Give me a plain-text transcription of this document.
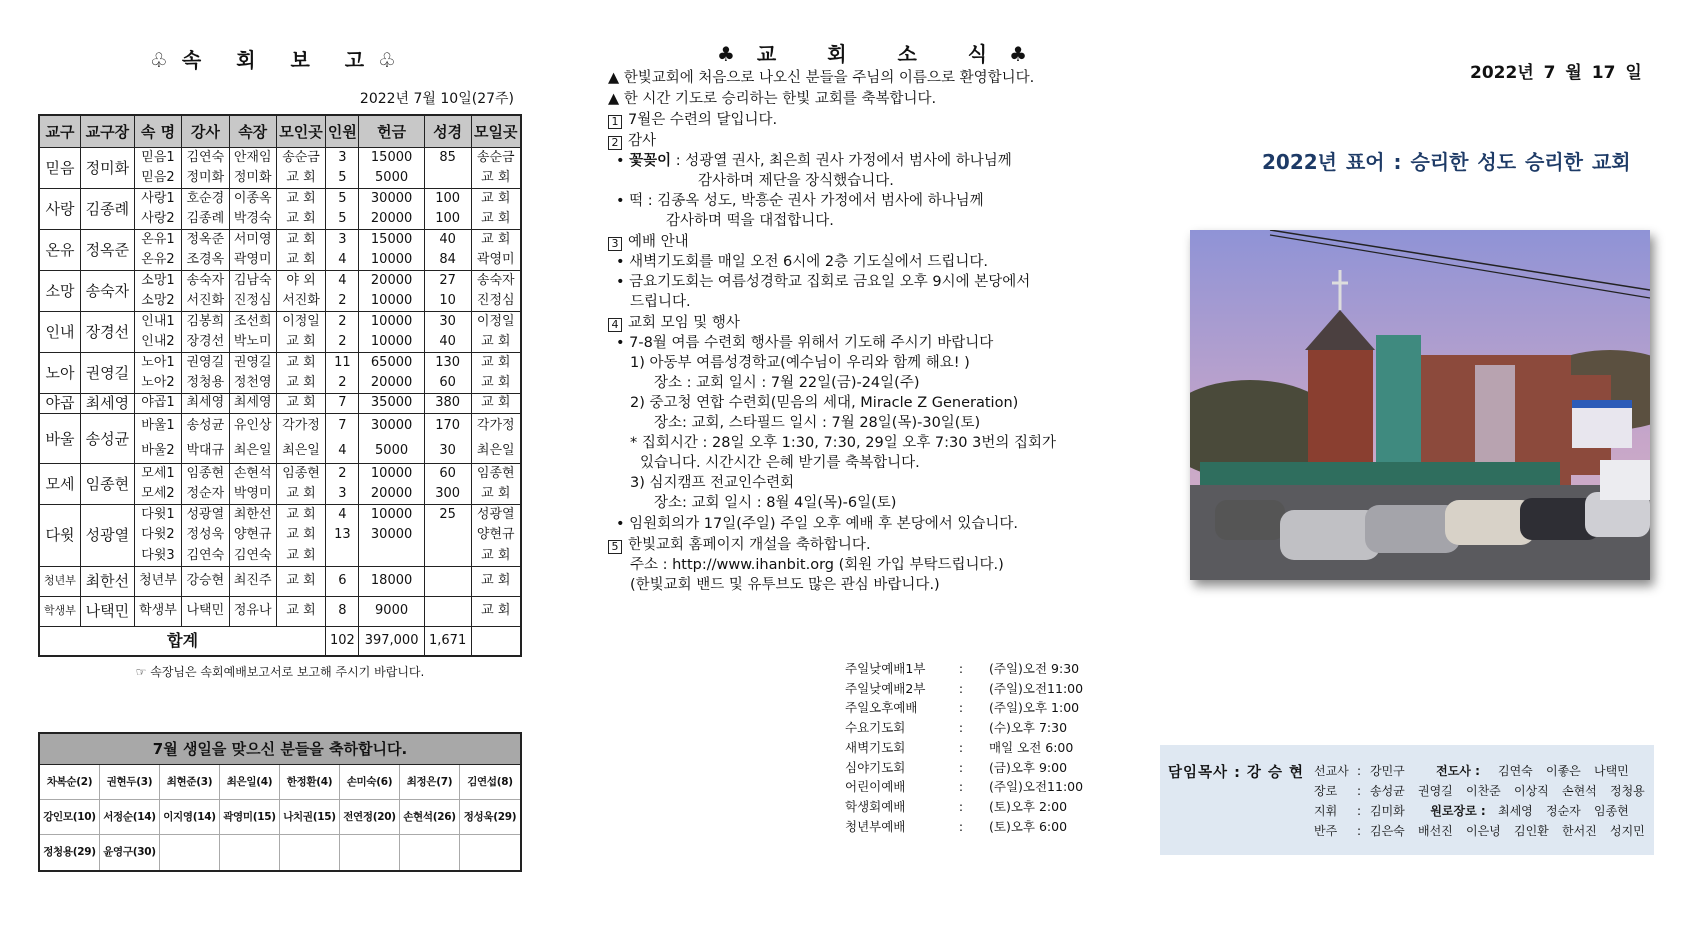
♧속 회 보 고♧
2022년 7월 10일(27주)
교구	교구장	속 명	강사	속장	모인곳	인원	헌금	성경	모일곳
믿음	정미화	믿음1	김연숙	안재임	송순금	3	15000	85	송순금
		믿음2	정미화	정미화	교 회	5	5000		교 회
사랑	김종례	사랑1	호순경	이종옥	교 회	5	30000	100	교 회
		사랑2	김종례	박경숙	교 회	5	20000	100	교 회
온유	정옥준	온유1	정옥준	서미영	교 회	3	15000	40	교 회
		온유2	조경옥	곽영미	교 회	4	10000	84	곽영미
소망	송숙자	소망1	송숙자	김남숙	야 외	4	20000	27	송숙자
		소망2	서진화	진정심	서진화	2	10000	10	진정심
인내	장경선	인내1	김봉희	조선희	이정일	2	10000	30	이정일
		인내2	장경선	박노미	교 회	2	10000	40	교 회
노아	권영길	노아1	권영길	권영길	교 회	11	65000	130	교 회
		노아2	정청용	정천영	교 회	2	20000	60	교 회
야곱	최세영	야곱1	최세영	최세영	교 회	7	35000	380	교 회
바울	송성균	바울1	송성균	유인상	각가정	7	30000	170	각가정
		바울2	박대규	최은일	최은일	4	5000	30	최은일
모세	임종현	모세1	임종현	손현석	임종현	2	10000	60	임종현
		모세2	정순자	박영미	교 회	3	20000	300	교 회
다윗	성광열	다윗1	성광열	최한선	교 회	4	10000	25	성광열
		다윗2	정성욱	양현규	교 회	13	30000		양현규
		다윗3	김연숙	김연숙	교 회				교 회
청년부	최한선	청년부	강승현	최진주	교 회	6	18000		교 회
학생부	나택민	학생부	나택민	정유나	교 회	8	9000		교 회
합계						102	397,000	1,671	
☞ 속장님은 속회예배보고서로 보고해 주시기 바랍니다.
7월 생일을 맞으신 분들을 축하합니다.
차복순(2)	권현두(3)	최현준(3)	최은일(4)	한정환(4)	손미숙(6)	최정은(7)	김연섭(8)
강인모(10) 서정순(14) 이지영(14) 곽영미(15) 나치권(15) 전연정(20) 손현석(26) 정성욱(29)
정청용(29) 윤영구(30)
♣교 회 소 식♣

▲ 한빛교회에 처음으로 나오신 분들을 주님의 이름으로 환영합니다.

▲ 한 시간 기도로 승리하는 한빛 교회를 축복합니다.

1 7월은 수련의 달입니다.

2 감사

• 꽃꽂이 : 성광열 권사, 최은희 권사 가정에서 범사에 하나님께

감사하며 제단을 장식했습니다.

• 떡 : 김종옥 성도, 박흥순 권사 가정에서 범사에 하나님께

감사하며 떡을 대접합니다.

3 예배 안내

• 새벽기도회를 매일 오전 6시에 2층 기도실에서 드립니다.

• 금요기도회는 여름성경학교 집회로 금요일 오후 9시에 본당에서

드립니다.

4 교회 모임 및 행사

• 7-8월 여름 수련회 행사를 위해서 기도해 주시기 바랍니다

1) 아동부 여름성경학교(예수님이 우리와 함께 해요! )

장소 : 교회 일시 : 7월 22일(금)-24일(주)

2) 중고청 연합 수련회(믿음의 세대, Miracle Z Generation)

장소: 교회, 스타필드 일시 : 7월 28일(목)-30일(토)

* 집회시간 : 28일 오후 1:30, 7:30, 29일 오후 7:30 3번의 집회가

있습니다. 시간시간 은혜 받기를 축복합니다.

3) 심지캠프 전교인수련회

장소: 교회 일시 : 8월 4일(목)-6일(토)

• 임원회의가 17일(주일) 주일 오후 예배 후 본당에서 있습니다.

5 한빛교회 홈페이지 개설을 축하합니다.

주소 : http://www.ihanbit.org (회원 가입 부탁드립니다.)

(한빛교회 밴드 및 유투브도 많은 관심 바랍니다.)

주일낮예배1부	:	(주일)오전 9:30
주일낮예배2부	:	(주일)오전11:00
주일오후예배	:	(주일)오후 1:00
수요기도회	:	(수)오후 7:30
새벽기도회	:	매일 오전 6:00
심야기도회	:	(금)오후 9:00
어린이예배	:	(주일)오전11:00
학생회예배	:	(토)오후 2:00
청년부예배	:	(토)오후 6:00
2022년 7 월 17 일
2022년 표어 : 승리한 성도 승리한 교회
담임목사 : 강 승 현 선교사 : 강민구	전도사 :	김연숙	이좋은	나택민
장로	: 송성균	권영길	이찬준	이상직	손현석	정청용
지휘	: 김미화	원로장로 :	최세영	정순자	임종현
반주	: 김은숙	배선진	이은녕	김인환	한서진	성지민
